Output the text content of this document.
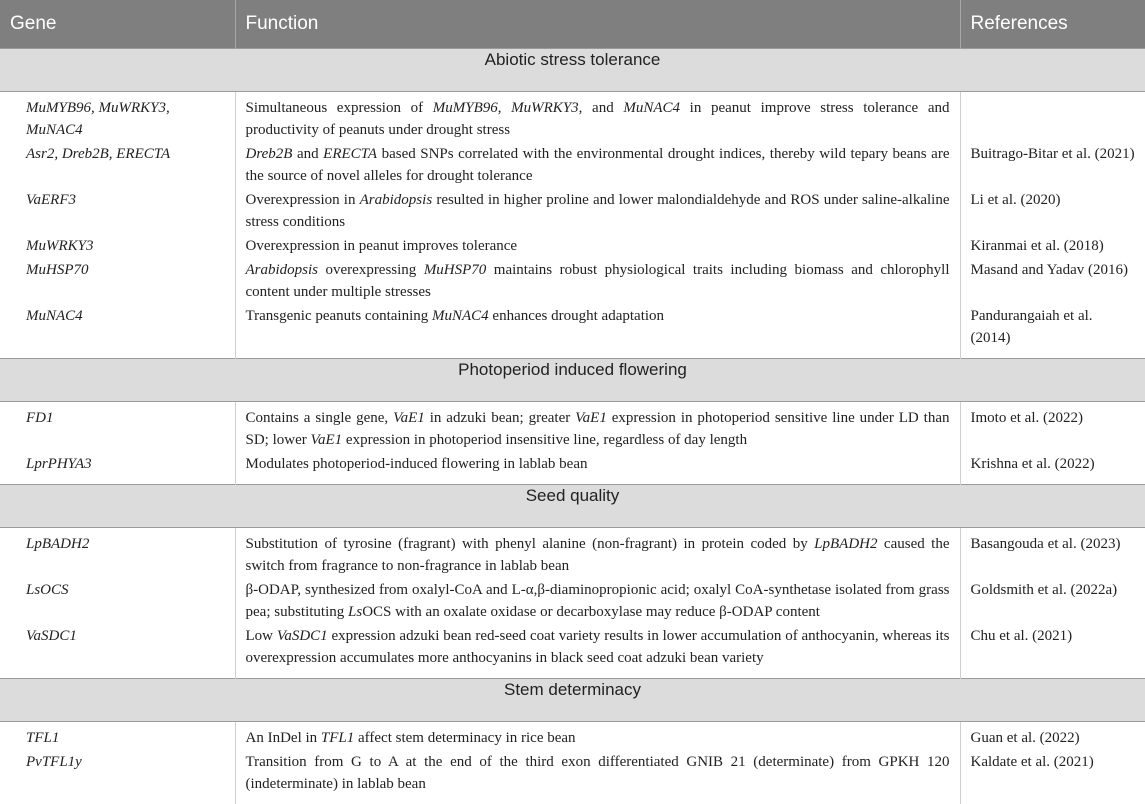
Gene	Function	References
Abiotic stress tolerance		
MuMYB96, MuWRKY3, MuNAC4	Simultaneous expression of MuMYB96, MuWRKY3, and MuNAC4 in peanut improve stress tolerance and productivity of peanuts under drought stress	
Asr2, Dreb2B, ERECTA	Dreb2B and ERECTA based SNPs correlated with the environmental drought indices, thereby wild tepary beans are the source of novel alleles for drought tolerance	Buitrago-Bitar et al. (2021)
VaERF3	Overexpression in Arabidopsis resulted in higher proline and lower malondialdehyde and ROS under saline-alkaline stress conditions	Li et al. (2020)
MuWRKY3	Overexpression in peanut improves tolerance	Kiranmai et al. (2018)
MuHSP70	Arabidopsis overexpressing MuHSP70 maintains robust physiological traits including biomass and chlorophyll content under multiple stresses	Masand and Yadav (2016)
MuNAC4	Transgenic peanuts containing MuNAC4 enhances drought adaptation	Pandurangaiah et al. (2014)
Photoperiod induced flowering		
FD1	Contains a single gene, VaE1 in adzuki bean; greater VaE1 expression in photoperiod sensitive line under LD than SD; lower VaE1 expression in photoperiod insensitive line, regardless of day length	Imoto et al. (2022)
LprPHYA3	Modulates photoperiod-induced flowering in lablab bean	Krishna et al. (2022)
Seed quality		
LpBADH2	Substitution of tyrosine (fragrant) with phenyl alanine (non-fragrant) in protein coded by LpBADH2 caused the switch from fragrance to non-fragrance in lablab bean	Basangouda et al. (2023)
LsOCS	β-ODAP, synthesized from oxalyl-CoA and L-α,β-diaminopropionic acid; oxalyl CoA-synthetase isolated from grass pea; substituting LsOCS with an oxalate oxidase or decarboxylase may reduce β-ODAP content	Goldsmith et al. (2022a)
VaSDC1	Low VaSDC1 expression adzuki bean red-seed coat variety results in lower accumulation of anthocyanin, whereas its overexpression accumulates more anthocyanins in black seed coat adzuki bean variety	Chu et al. (2021)
Stem determinacy		
TFL1	An InDel in TFL1 affect stem determinacy in rice bean	Guan et al. (2022)
PvTFL1y	Transition from G to A at the end of the third exon differentiated GNIB 21 (determinate) from GPKH 120 (indeterminate) in lablab bean	Kaldate et al. (2021)
